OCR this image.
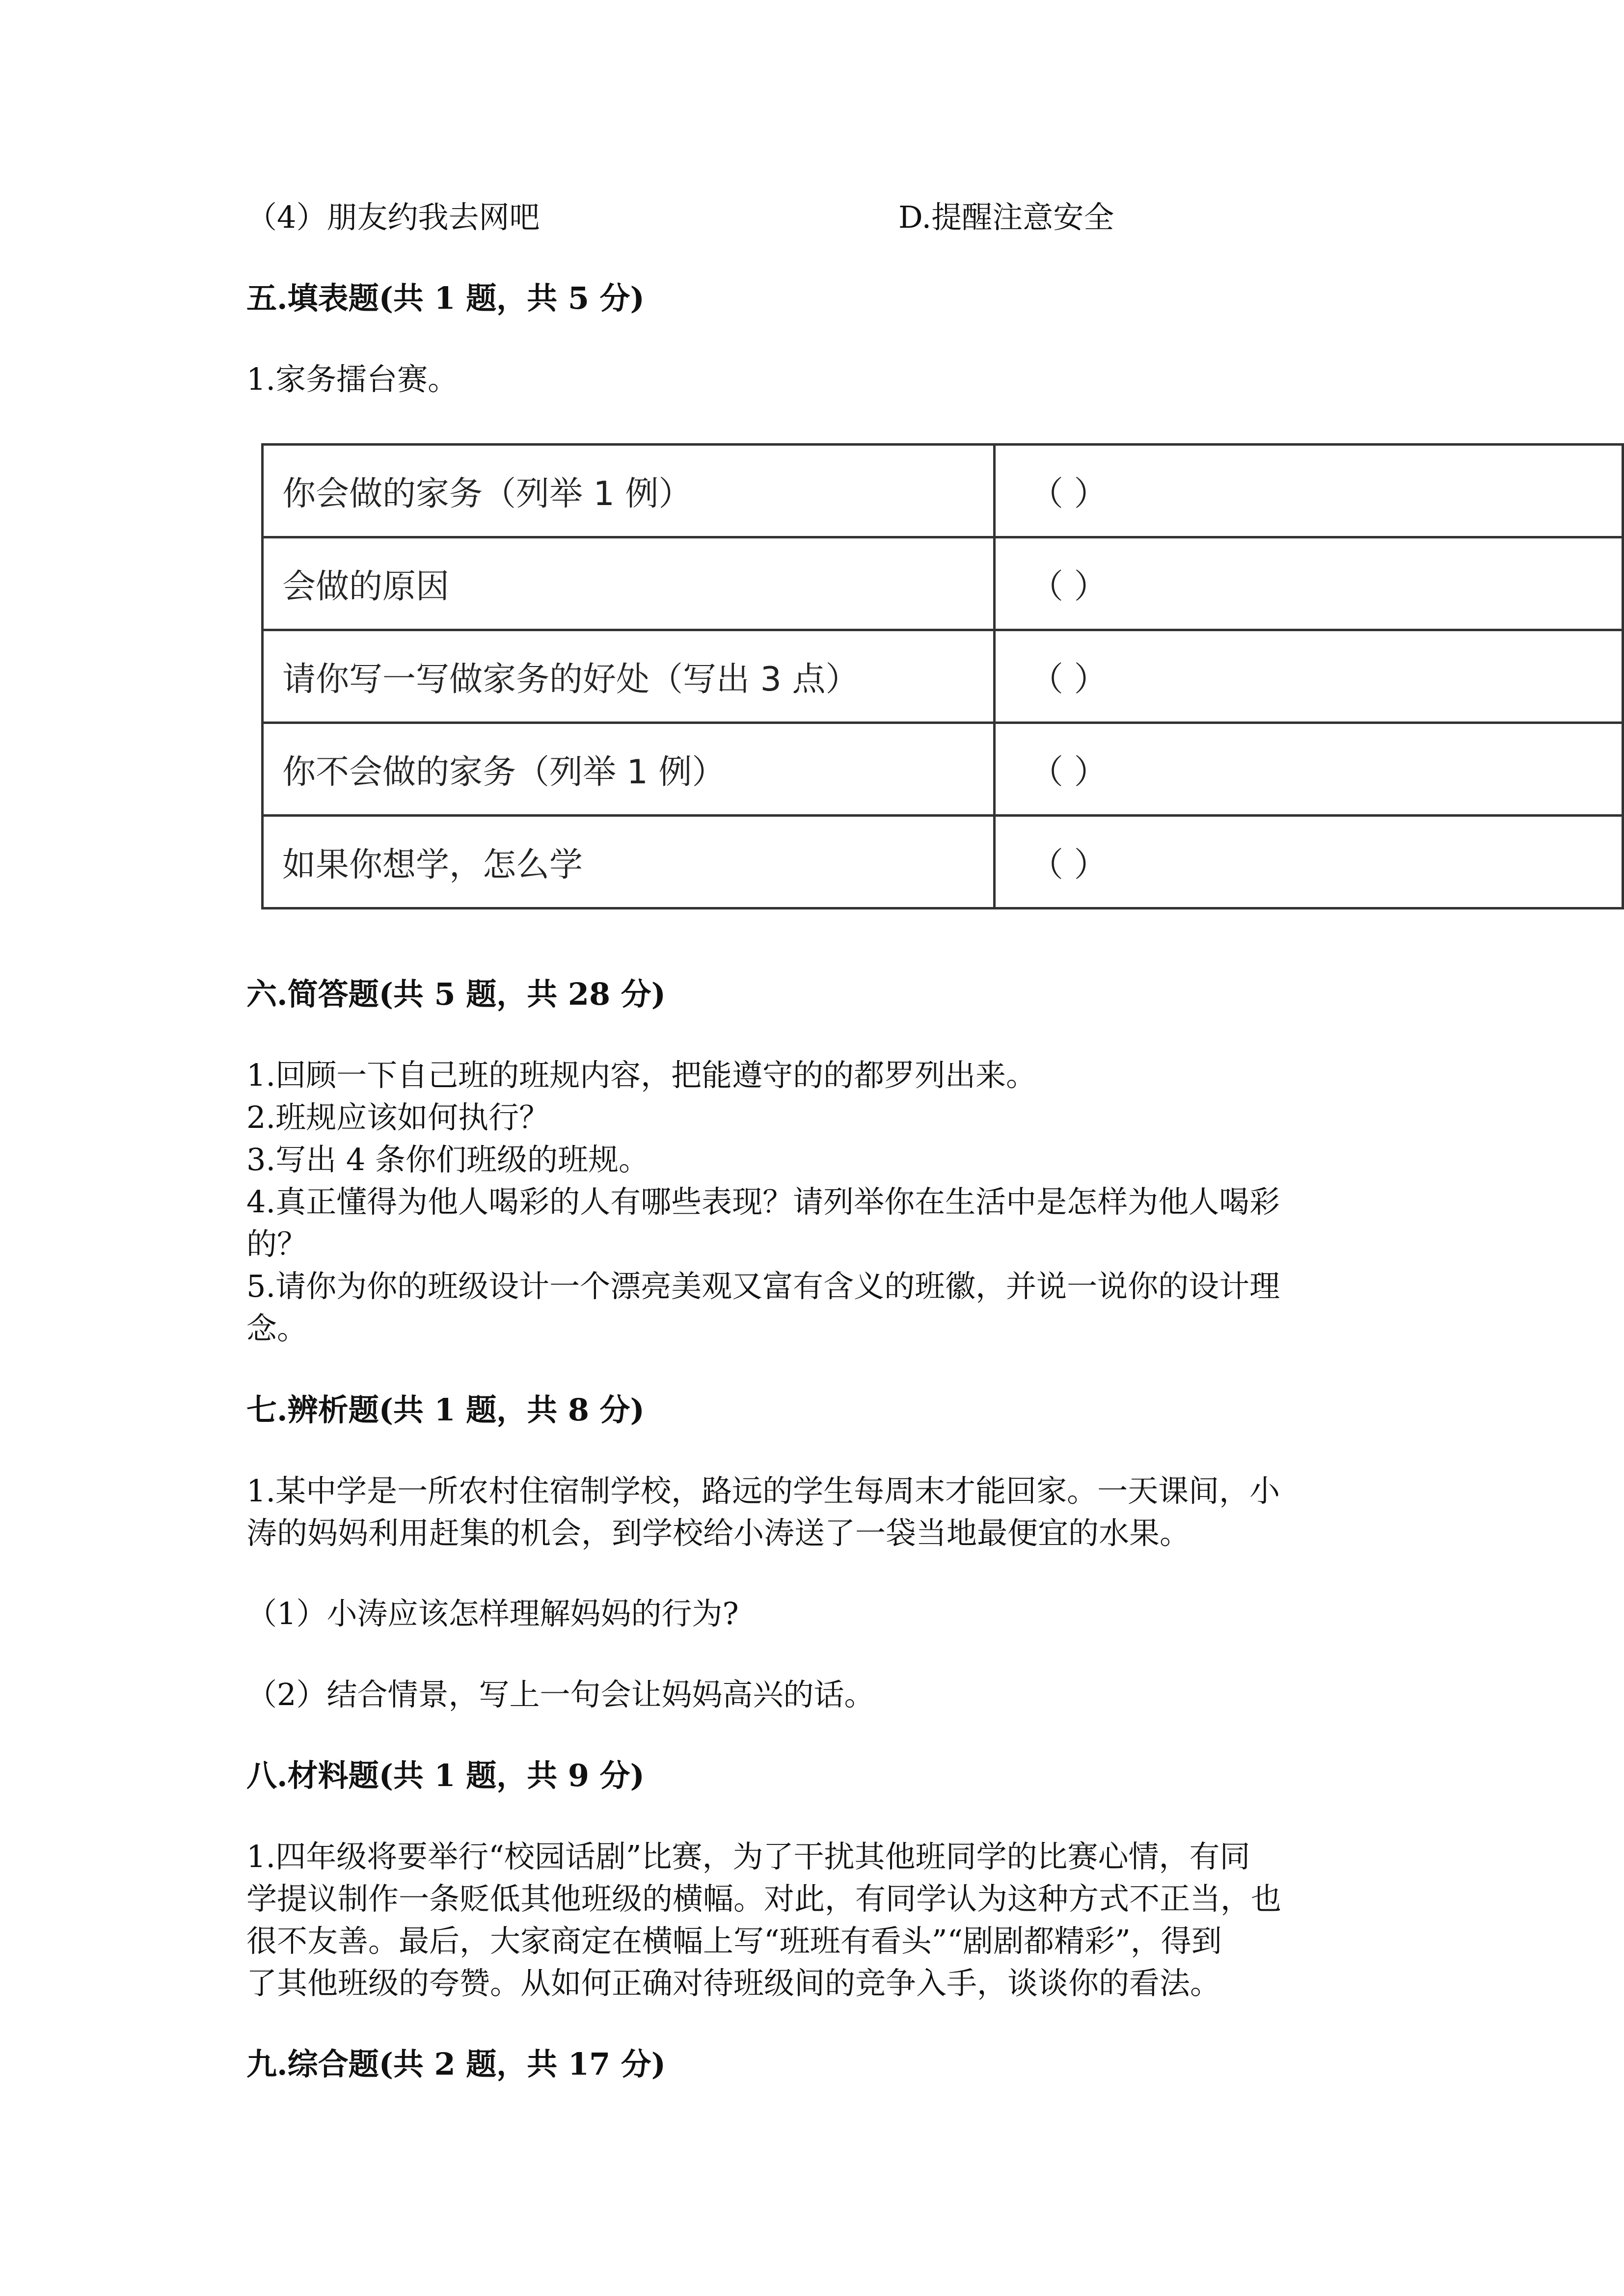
（4）朋友约我去网吧	D.提醒注意安全
五.填表题(共 1 题，共 5 分)
1.家务擂台赛。
你会做的家务（列举 1 例）	（ ）
会做的原因	（ ）
请你写一写做家务的好处（写出 3 点）	（ ）
你不会做的家务（列举 1 例）	（ ）
如果你想学，怎么学	（ ）
六.简答题(共 5 题，共 28 分)
1.回顾一下自己班的班规内容，把能遵守的的都罗列出来。
2.班规应该如何执行？
3.写出 4 条你们班级的班规。
4.真正懂得为他人喝彩的人有哪些表现？请列举你在生活中是怎样为他人喝彩
的？
5.请你为你的班级设计一个漂亮美观又富有含义的班徽，并说一说你的设计理
念。
七.辨析题(共 1 题，共 8 分)
1.某中学是一所农村住宿制学校，路远的学生每周末才能回家。一天课间，小
涛的妈妈利用赶集的机会，到学校给小涛送了一袋当地最便宜的水果。
（1）小涛应该怎样理解妈妈的行为?
（2）结合情景，写上一句会让妈妈高兴的话。
八.材料题(共 1 题，共 9 分)
1.四年级将要举行“校园话剧”比赛，为了干扰其他班同学的比赛心情，有同
学提议制作一条贬低其他班级的横幅。对此，有同学认为这种方式不正当，也
很不友善。最后，大家商定在横幅上写“班班有看头”“剧剧都精彩”，得到
了其他班级的夸赞。从如何正确对待班级间的竞争入手，谈谈你的看法。
九.综合题(共 2 题，共 17 分)
